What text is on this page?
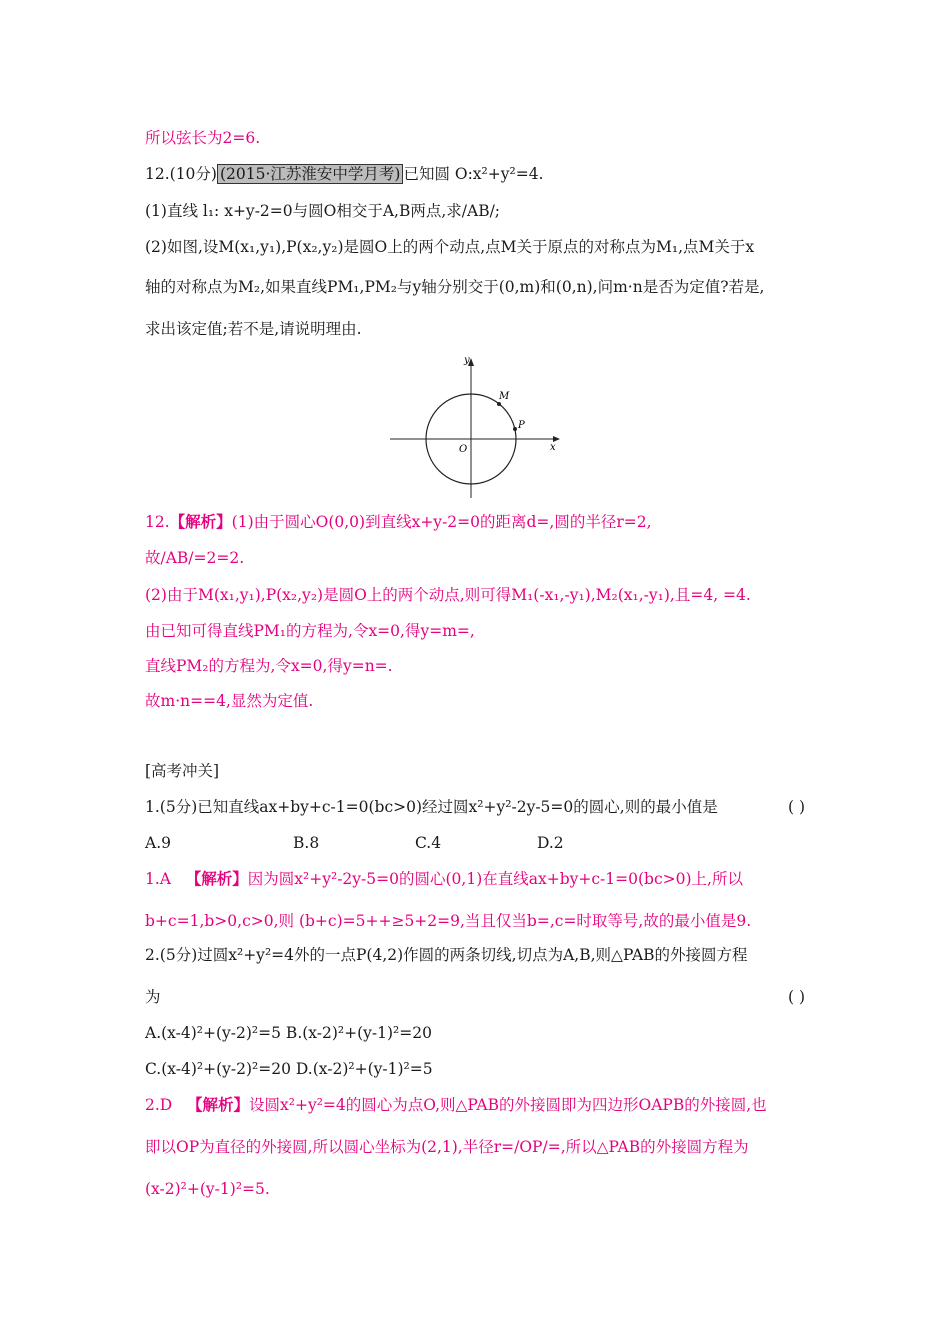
所以弦长为2=6.
12.(10分) (2015·江苏淮安中学月考) 已知圆 O:x²+y²=4.
(1)直线 l₁: x+y-2=0与圆O相交于A,B两点,求/AB/;
(2)如图,设M(x₁,y₁),P(x₂,y₂)是圆O上的两个动点,点M关于原点的对称点为M₁,点M关于x
轴的对称点为M₂,如果直线PM₁,PM₂与y轴分别交于(0,m)和(0,n),问m·n是否为定值?若是,
求出该定值;若不是,请说明理由.
y
x
O
M
P
12.【解析】(1)由于圆心O(0,0)到直线x+y-2=0的距离d=,圆的半径r=2,
故/AB/=2=2.
(2)由于M(x₁,y₁),P(x₂,y₂)是圆O上的两个动点,则可得M₁(-x₁,-y₁),M₂(x₁,-y₁),且=4, =4.
由已知可得直线PM₁的方程为,令x=0,得y=m=,
直线PM₂的方程为,令x=0,得y=n=.
故m·n==4,显然为定值.
[高考冲关]
1.(5分)已知直线ax+by+c-1=0(bc>0)经过圆x²+y²-2y-5=0的圆心,则的最小值是	( )
A.9	B.8	C.4	D.2
1.A 【解析】因为圆x²+y²-2y-5=0的圆心(0,1)在直线ax+by+c-1=0(bc>0)上,所以
b+c=1,b>0,c>0,则 (b+c)=5++≥5+2=9,当且仅当b=,c=时取等号,故的最小值是9.
2.(5分)过圆x²+y²=4外的一点P(4,2)作圆的两条切线,切点为A,B,则△PAB的外接圆方程
为	( )
A.(x-4)²+(y-2)²=5 B.(x-2)²+(y-1)²=20
C.(x-4)²+(y-2)²=20 D.(x-2)²+(y-1)²=5
2.D 【解析】设圆x²+y²=4的圆心为点O,则△PAB的外接圆即为四边形OAPB的外接圆,也
即以OP为直径的外接圆,所以圆心坐标为(2,1),半径r=/OP/=,所以△PAB的外接圆方程为
(x-2)²+(y-1)²=5.
